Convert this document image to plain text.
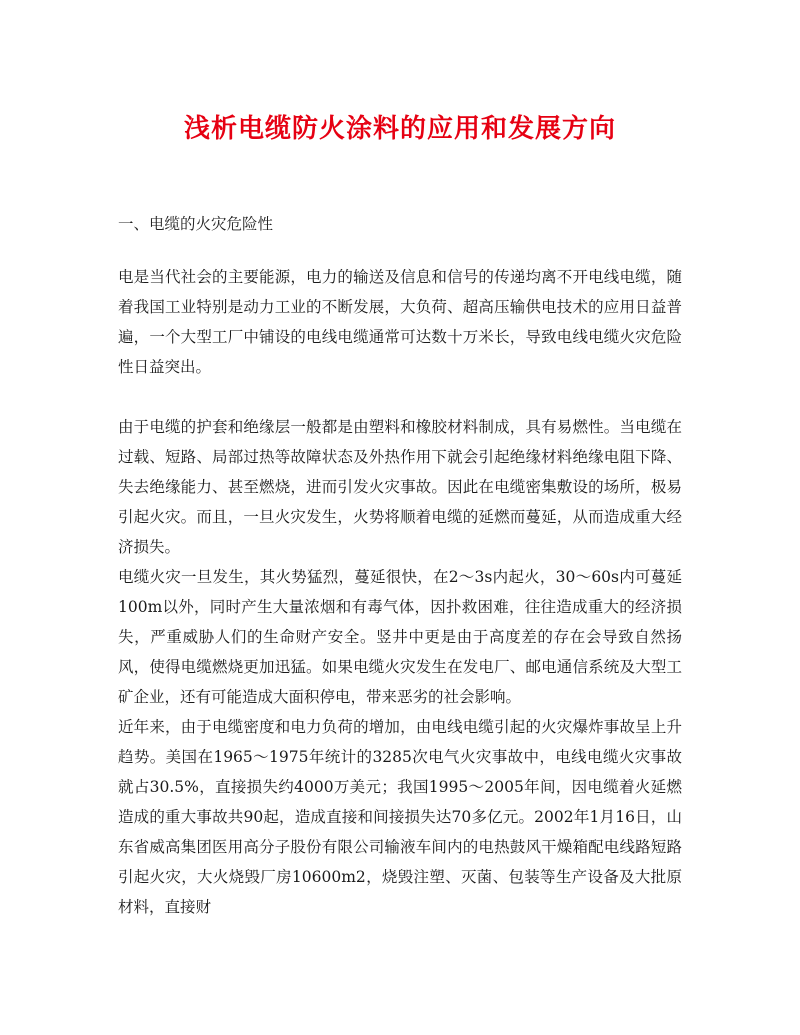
浅析电缆防火涂料的应用和发展方向

一、电缆的火灾危险性

电是当代社会的主要能源，电力的输送及信息和信号的传递均离不开电线电缆，随着我国工业特别是动力工业的不断发展，大负荷、超高压输供电技术的应用日益普遍，一个大型工厂中铺设的电线电缆通常可达数十万米长，导致电线电缆火灾危险性日益突出。

由于电缆的护套和绝缘层一般都是由塑料和橡胶材料制成，具有易燃性。当电缆在过载、短路、局部过热等故障状态及外热作用下就会引起绝缘材料绝缘电阻下降、失去绝缘能力、甚至燃烧，进而引发火灾事故。因此在电缆密集敷设的场所，极易引起火灾。而且，一旦火灾发生，火势将顺着电缆的延燃而蔓延，从而造成重大经济损失。

电缆火灾一旦发生，其火势猛烈，蔓延很快，在2～3s内起火，30～60s内可蔓延100m以外，同时产生大量浓烟和有毒气体，因扑救困难，往往造成重大的经济损失，严重威胁人们的生命财产安全。竖井中更是由于高度差的存在会导致自然扬风，使得电缆燃烧更加迅猛。如果电缆火灾发生在发电厂、邮电通信系统及大型工矿企业，还有可能造成大面积停电，带来恶劣的社会影响。

近年来，由于电缆密度和电力负荷的增加，由电线电缆引起的火灾爆炸事故呈上升趋势。美国在1965～1975年统计的3285次电气火灾事故中，电线电缆火灾事故就占30.5%，直接损失约4000万美元；我国1995～2005年间，因电缆着火延燃造成的重大事故共90起，造成直接和间接损失达70多亿元。2002年1月16日，山东省威高集团医用高分子股份有限公司输液车间内的电热鼓风干燥箱配电线路短路引起火灾，大火烧毁厂房10600m2，烧毁注塑、灭菌、包装等生产设备及大批原材料，直接财
